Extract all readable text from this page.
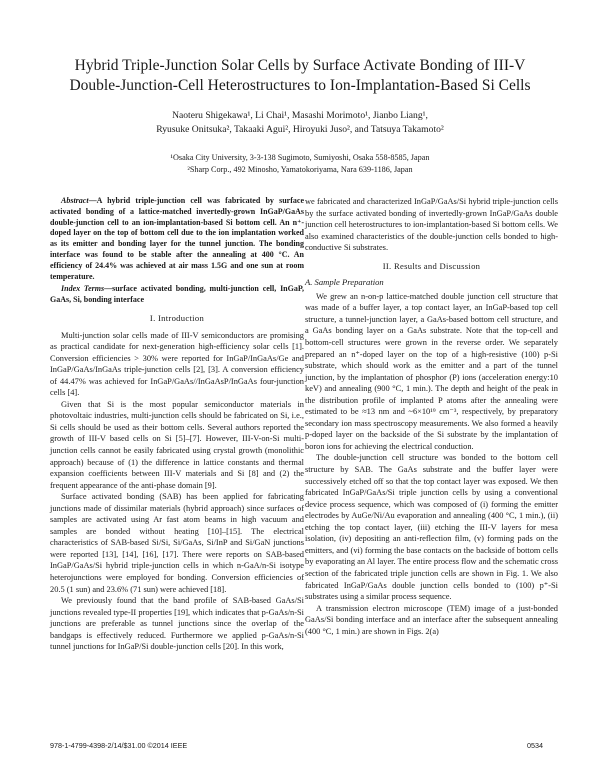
Hybrid Triple-Junction Solar Cells by Surface Activate Bonding of III-V
Double-Junction-Cell Heterostructures to Ion-Implantation-Based Si Cells
Naoteru Shigekawa¹, Li Chai¹, Masashi Morimoto¹, Jianbo Liang¹,
Ryusuke Onitsuka², Takaaki Agui², Hiroyuki Juso², and Tatsuya Takamoto²
¹Osaka City University, 3-3-138 Sugimoto, Sumiyoshi, Osaka 558-8585, Japan
²Sharp Corp., 492 Minosho, Yamatokoriyama, Nara 639-1186, Japan

Abstract—A hybrid triple-junction cell was fabricated by surface activated bonding of a lattice-matched invertedly-grown InGaP/GaAs double-junction cell to an ion-implantation-based Si bottom cell. An n⁺-doped layer on the top of bottom cell due to the ion implantation worked as its emitter and bonding layer for the tunnel junction. The bonding interface was found to be stable after the annealing at 400 °C. An efficiency of 24.4% was achieved at air mass 1.5G and one sun at room temperature.

Index Terms—surface activated bonding, multi-junction cell, InGaP, GaAs, Si, bonding interface

I. Introduction

Multi-junction solar cells made of III-V semiconductors are promising as practical candidate for next-generation high-efficiency solar cells [1]. Conversion efficiencies > 30% were reported for InGaP/InGaAs/Ge and InGaP/GaAs/InGaAs triple-junction cells [2], [3]. A conversion efficiency of 44.47% was achieved for InGaP/GaAs//InGaAsP/InGaAs four-junction cells [4].

Given that Si is the most popular semiconductor materials in photovoltaic industries, multi-junction cells should be fabricated on Si, i.e., Si cells should be used as their bottom cells. Several authors reported the growth of III-V based cells on Si [5]–[7]. However, III-V-on-Si multi-junction cells cannot be easily fabricated using crystal growth (monolithic approach) because of (1) the difference in lattice constants and thermal expansion coefficients between III-V materials and Si [8] and (2) the frequent appearance of the anti-phase domain [9].

Surface activated bonding (SAB) has been applied for fabricating junctions made of dissimilar materials (hybrid approach) since surfaces of samples are activated using Ar fast atom beams in high vacuum and samples are bonded without heating [10]–[15]. The electrical characteristics of SAB-based Si/Si, Si/GaAs, Si/InP and Si/GaN junctions were reported [13], [14], [16], [17]. There were reports on SAB-based InGaP/GaAs/Si hybrid triple-junction cells in which n-GaA/n-Si isotype heterojunctions were employed for bonding. Conversion efficiencies of 20.5 (1 sun) and 23.6% (71 sun) were achieved [18].

We previously found that the band profile of SAB-based GaAs/Si junctions revealed type-II properties [19], which indicates that p-GaAs/n-Si junctions are preferable as tunnel junctions since the overlap of the bandgaps is effectively reduced. Furthermore we applied p-GaAs/n-Si tunnel junctions for InGaP/Si double-junction cells [20]. In this work,

we fabricated and characterized InGaP/GaAs/Si hybrid triple-junction cells by the surface activated bonding of invertedly-grown InGaP/GaAs double junction cell heterostructures to ion-implantation-based Si bottom cells. We also examined characteristics of the double-junction cells bonded to high-conductive Si substrates.

II. Results and Discussion
A. Sample Preparation

We grew an n-on-p lattice-matched double junction cell structure that was made of a buffer layer, a top contact layer, an InGaP-based top cell structure, a tunnel-junction layer, a GaAs-based bottom cell structure, and a GaAs bonding layer on a GaAs substrate. Note that the top-cell and bottom-cell structures were grown in the reverse order. We separately prepared an n⁺-doped layer on the top of a high-resistive (100) p-Si substrate, which should work as the emitter and a part of the tunnel junction, by the implantation of phosphor (P) ions (acceleration energy:10 keV) and annealing (900 °C, 1 min.). The depth and height of the peak in the distribution profile of implanted P atoms after the annealing were estimated to be ≈13 nm and ~6×10¹⁹ cm⁻³, respectively, by preparatory secondary ion mass spectroscopy measurements. We also formed a heavily p-doped layer on the backside of the Si substrate by the implantation of boron ions for achieving the electrical conduction.

The double-junction cell structure was bonded to the bottom cell structure by SAB. The GaAs substrate and the buffer layer were successively etched off so that the top contact layer was exposed. We then fabricated InGaP/GaAs/Si triple junction cells by using a conventional device process sequence, which was composed of (i) forming the emitter electrodes by AuGe/Ni/Au evaporation and annealing (400 °C, 1 min.), (ii) etching the top contact layer, (iii) etching the III-V layers for mesa isolation, (iv) depositing an anti-reflection film, (v) forming pads on the emitters, and (vi) forming the base contacts on the backside of bottom cells by evaporating an Al layer. The entire process flow and the schematic cross section of the fabricated triple junction cells are shown in Fig. 1. We also fabricated InGaP/GaAs double junction cells bonded to (100) p⁺-Si substrates using a similar process sequence.

A transmission electron microscope (TEM) image of a just-bonded GaAs/Si bonding interface and an interface after the subsequent annealing (400 °C, 1 min.) are shown in Figs. 2(a)

978-1-4799-4398-2/14/$31.00 ©2014 IEEE	0534
